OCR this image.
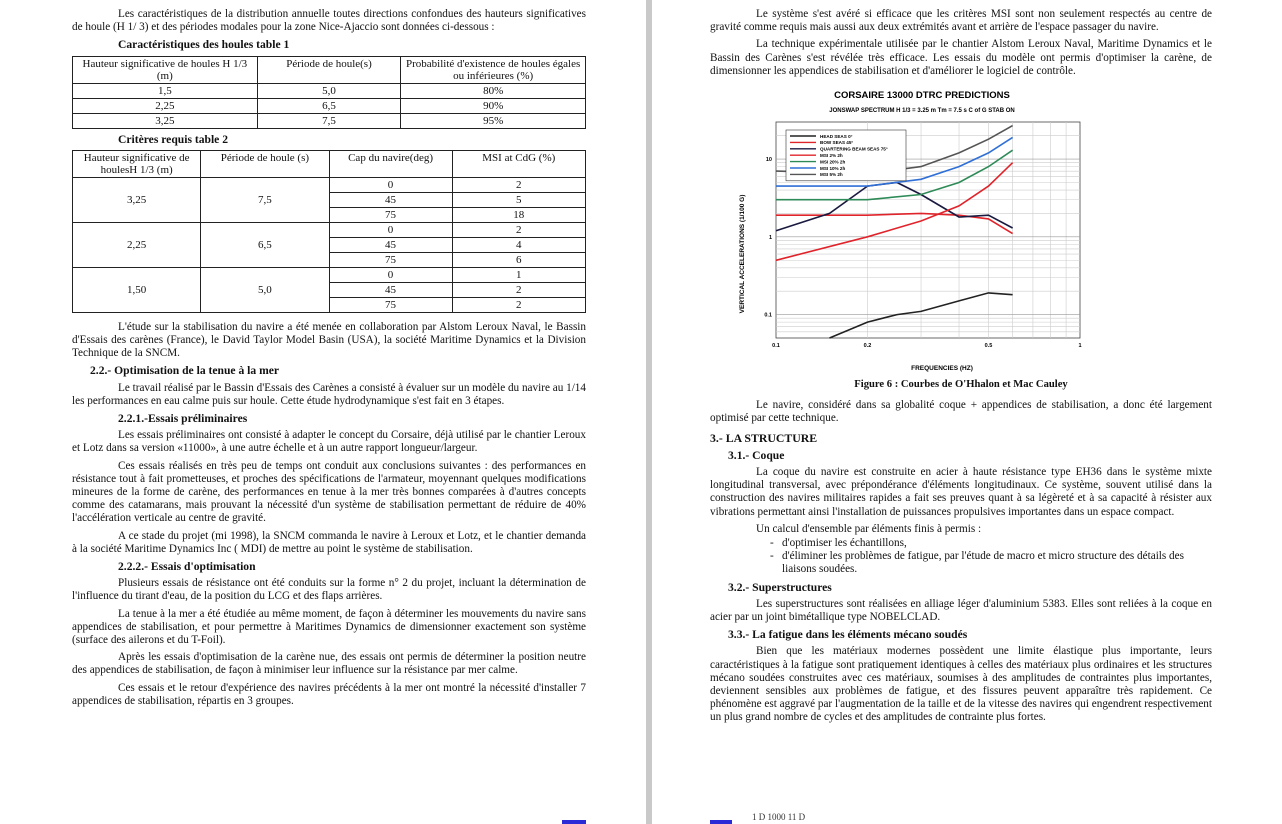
Les caractéristiques de la distribution annuelle toutes directions confondues des hauteurs significatives de houle (H 1/ 3) et des périodes modales pour la zone Nice-Ajaccio sont données ci-dessous :

Caractéristiques des houles table 1
Hauteur significative de houles H 1/3 (m)	Période de houle(s)	Probabilité d'existence de houles égales ou inférieures (%)
1,5	5,0	80%
2,25	6,5	90%
3,25	7,5	95%
Critères requis table 2
Hauteur significative de houlesH 1/3 (m)	Période de houle (s)	Cap du navire(deg)	MSI at CdG (%)
3,25	7,5	0	2
		45	5
		75	18
2,25	6,5	0	2
		45	4
		75	6
1,50	5,0	0	1
		45	2
		75	2

L'étude sur la stabilisation du navire a été menée en collaboration par Alstom Leroux Naval, le Bassin d'Essais des carènes (France), le David Taylor Model Basin (USA), la société Maritime Dynamics et la Division Technique de la SNCM.

2.2.- Optimisation de la tenue à la mer

Le travail réalisé par le Bassin d'Essais des Carènes a consisté à évaluer sur un modèle du navire au 1/14 les performances en eau calme puis sur houle. Cette étude hydrodynamique s'est fait en 3 étapes.

2.2.1.-Essais préliminaires

Les essais préliminaires ont consisté à adapter le concept du Corsaire, déjà utilisé par le chantier Leroux et Lotz dans sa version «11000», à une autre échelle et à un autre rapport longueur/largeur.

Ces essais réalisés en très peu de temps ont conduit aux conclusions suivantes : des performances en résistance tout à fait prometteuses, et proches des spécifications de l'armateur, moyennant quelques modifications mineures de la forme de carène, des performances en tenue à la mer très bonnes comparées à d'autres concepts comme des catamarans, mais prouvant la nécessité d'un système de stabilisation permettant de réduire de 40% l'accélération verticale au centre de gravité.

A ce stade du projet (mi 1998), la SNCM commanda le navire à Leroux et Lotz, et le chantier demanda à la société Maritime Dynamics Inc ( MDI) de mettre au point le système de stabilisation.

2.2.2.- Essais d'optimisation

Plusieurs essais de résistance ont été conduits sur la forme n° 2 du projet, incluant la détermination de l'influence du tirant d'eau, de la position du LCG et des flaps arrières.

La tenue à la mer a été étudiée au même moment, de façon à déterminer les mouvements du navire sans appendices de stabilisation, et pour permettre à Maritimes Dynamics de dimensionner exactement son système (surface des ailerons et du T-Foil).

Après les essais d'optimisation de la carène nue, des essais ont permis de déterminer la position neutre des appendices de stabilisation, de façon à minimiser leur influence sur la résistance par mer calme.

Ces essais et le retour d'expérience des navires précédents à la mer ont montré la nécessité d'installer 7 appendices de stabilisation, répartis en 3 groupes.

Le système s'est avéré si efficace que les critères MSI sont non seulement respectés au centre de gravité comme requis mais aussi aux deux extrémités avant et arrière de l'espace passager du navire.

La technique expérimentale utilisée par le chantier Alstom Leroux Naval, Maritime Dynamics et le Bassin des Carènes s'est révélée très efficace. Les essais du modèle ont permis d'optimiser la carène, de dimensionner les appendices de stabilisation et d'améliorer le logiciel de contrôle.

CORSAIRE 13000 DTRC PREDICTIONS
JONSWAP SPECTRUM H 1/3 = 3.25 m Tm = 7.5 s C of G STAB ON
FREQUENCIES (HZ)
VERTICAL ACCELERATIONS (1/100 G)
HEAD SEAS 0°
BOW SEAS 45°
QUARTERING BEAM SEAS 75°
MSI 2% 2h
MSI 20% 2h
MSI 10% 2h
MSI 5% 2h
0.1	0.2	0.5	1
0.1
1
10

Figure 6 : Courbes de O'Hhalon et Mac Cauley

Le navire, considéré dans sa globalité coque + appendices de stabilisation, a donc été largement optimisé par cette technique.

3.- LA STRUCTURE
3.1.- Coque

La coque du navire est construite en acier à haute résistance type EH36 dans le système mixte longitudinal transversal, avec prépondérance d'éléments longitudinaux. Ce système, souvent utilisé dans la construction des navires militaires rapides a fait ses preuves quant à sa légèreté et à sa capacité à résister aux vibrations permettant ainsi l'installation de puissances propulsives importantes dans un espace compact.

Un calcul d'ensemble par éléments finis à permis :

- d'optimiser les échantillons,
- d'éliminer les problèmes de fatigue, par l'étude de macro et micro structure des détails des liaisons soudées.
3.2.- Superstructures

Les superstructures sont réalisées en alliage léger d'aluminium 5383. Elles sont reliées à la coque en acier par un joint bimétallique type NOBELCLAD.

3.3.- La fatigue dans les éléments mécano soudés

Bien que les matériaux modernes possèdent une limite élastique plus importante, leurs caractéristiques à la fatigue sont pratiquement identiques à celles des matériaux plus ordinaires et les structures mécano soudées construites avec ces matériaux, soumises à des amplitudes de contraintes plus importantes, deviennent sensibles aux problèmes de fatigue, et des fissures peuvent apparaître très rapidement. Ce phénomène est aggravé par l'augmentation de la taille et de la vitesse des navires qui engendrent respectivement un plus grand nombre de cycles et des amplitudes de contrainte plus fortes.

1 D 1000 11 D
